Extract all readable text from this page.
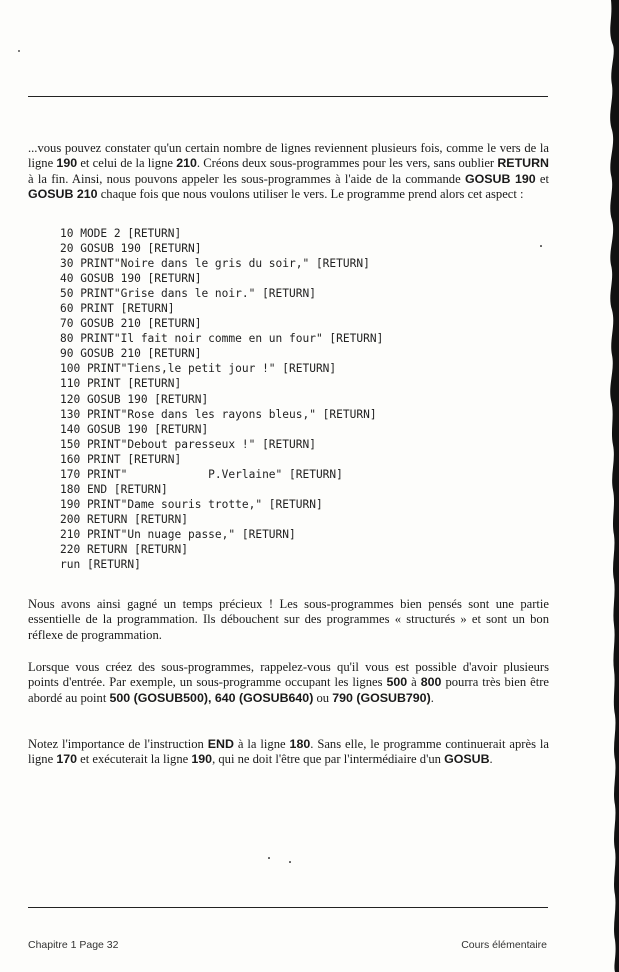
...vous pouvez constater qu'un certain nombre de lignes reviennent plusieurs fois, comme le vers de la ligne 190 et celui de la ligne 210. Créons deux sous-programmes pour les vers, sans oublier RETURN à la fin. Ainsi, nous pouvons appeler les sous-programmes à l'aide de la commande GOSUB 190 et GOSUB 210 chaque fois que nous voulons utiliser le vers. Le programme prend alors cet aspect :

10 MODE 2 [RETURN]
20 GOSUB 190 [RETURN]
30 PRINT"Noire dans le gris du soir," [RETURN]
40 GOSUB 190 [RETURN]
50 PRINT"Grise dans le noir." [RETURN]
60 PRINT [RETURN]
70 GOSUB 210 [RETURN]
80 PRINT"Il fait noir comme en un four" [RETURN]
90 GOSUB 210 [RETURN]
100 PRINT"Tiens,le petit jour !" [RETURN]
110 PRINT [RETURN]
120 GOSUB 190 [RETURN]
130 PRINT"Rose dans les rayons bleus," [RETURN]
140 GOSUB 190 [RETURN]
150 PRINT"Debout paresseux !" [RETURN]
160 PRINT [RETURN]
170 PRINT"            P.Verlaine" [RETURN]
180 END [RETURN]
190 PRINT"Dame souris trotte," [RETURN]
200 RETURN [RETURN]
210 PRINT"Un nuage passe," [RETURN]
220 RETURN [RETURN]
run [RETURN]

Nous avons ainsi gagné un temps précieux ! Les sous-programmes bien pensés sont une partie essentielle de la programmation. Ils débouchent sur des programmes « structurés » et sont un bon réflexe de programmation.

Lorsque vous créez des sous-programmes, rappelez-vous qu'il vous est possible d'avoir plusieurs points d'entrée. Par exemple, un sous-programme occupant les lignes 500 à 800 pourra très bien être abordé au point 500 (GOSUB500), 640 (GOSUB640) ou 790 (GOSUB790).

Notez l'importance de l'instruction END à la ligne 180. Sans elle, le programme continuerait après la ligne 170 et exécuterait la ligne 190, qui ne doit l'être que par l'intermédiaire d'un GOSUB.

Chapitre 1 Page 32	Cours élémentaire
